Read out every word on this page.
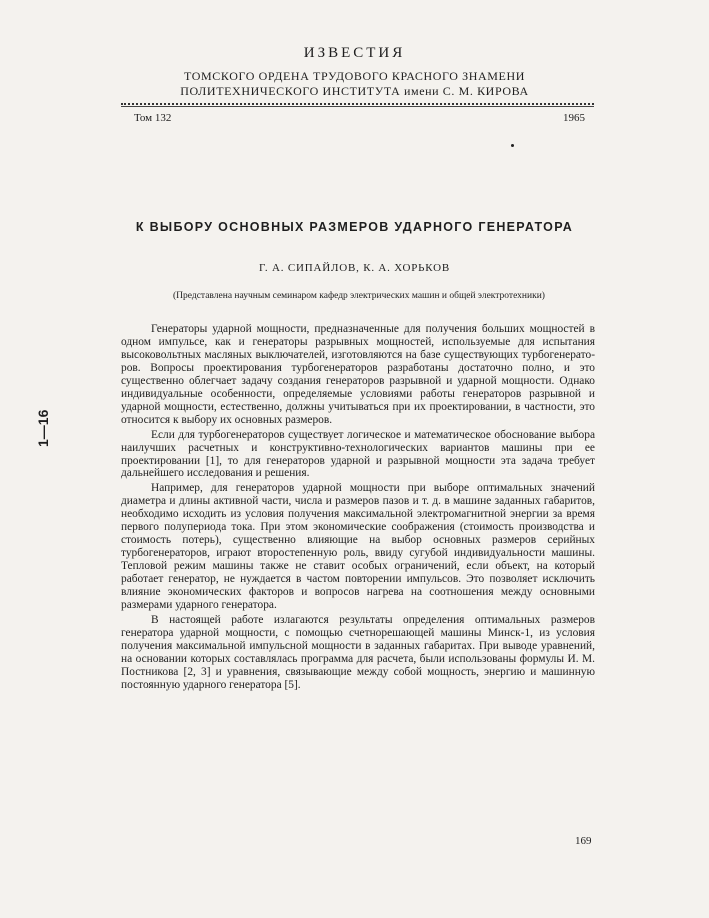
ИЗВЕСТИЯ
ТОМСКОГО ОРДЕНА ТРУДОВОГО КРАСНОГО ЗНАМЕНИ
ПОЛИТЕХНИЧЕСКОГО ИНСТИТУТА имени С. М. КИРОВА
Том 132	1965
К ВЫБОРУ ОСНОВНЫХ РАЗМЕРОВ УДАРНОГО ГЕНЕРАТОРА
Г. А. СИПАЙЛОВ, К. А. ХОРЬКОВ
(Представлена научным семинаром кафедр электрических машин и общей электротехники)
1—16

Генераторы ударной мощности, предназначенные для получения больших мощностей в одном импульсе, как и генераторы разрывных мощностей, используемые для испытания высоковольтных масляных выключателей, изготовляются на базе существующих турбогенераторов. Вопросы проектирования турбогенераторов разработаны достаточно полно, и это существенно облегчает задачу создания генераторов разрывной и ударной мощности. Однако индивидуальные особенности, определяемые условиями работы генераторов разрывной и ударной мощности, естественно, должны учитываться при их проектировании, в частности, это относится к выбору их основных размеров.

Если для турбогенераторов существует логическое и математическое обоснование выбора наилучших расчетных и конструктивно-технологических вариантов машины при ее проектировании [1], то для генераторов ударной и разрывной мощности эта задача требует дальнейшего исследования и решения.

Например, для генераторов ударной мощности при выборе оптимальных значений диаметра и длины активной части, числа и размеров пазов и т. д. в машине заданных габаритов, необходимо исходить из условия получения максимальной электромагнитной энергии за время первого полупериода тока. При этом экономические соображения (стоимость производства и стоимость потерь), существенно влияющие на выбор основных размеров серийных турбогенераторов, играют второстепенную роль, ввиду сугубой индивидуальности машины. Тепловой режим машины также не ставит особых ограничений, если объект, на который работает генератор, не нуждается в частом повторении импульсов. Это позволяет исключить влияние экономических факторов и вопросов нагрева на соотношения между основными размерами ударного генератора.

В настоящей работе излагаются результаты определения оптимальных размеров генератора ударной мощности, с помощью счетнорешающей машины Минск-1, из условия получения максимальной импульсной мощности в заданных габаритах. При выводе уравнений, на основании которых составлялась программа для расчета, были использованы формулы И. М. Постникова [2, 3] и уравнения, связывающие между собой мощность, энергию и машинную постоянную ударного генератора [5].

169
